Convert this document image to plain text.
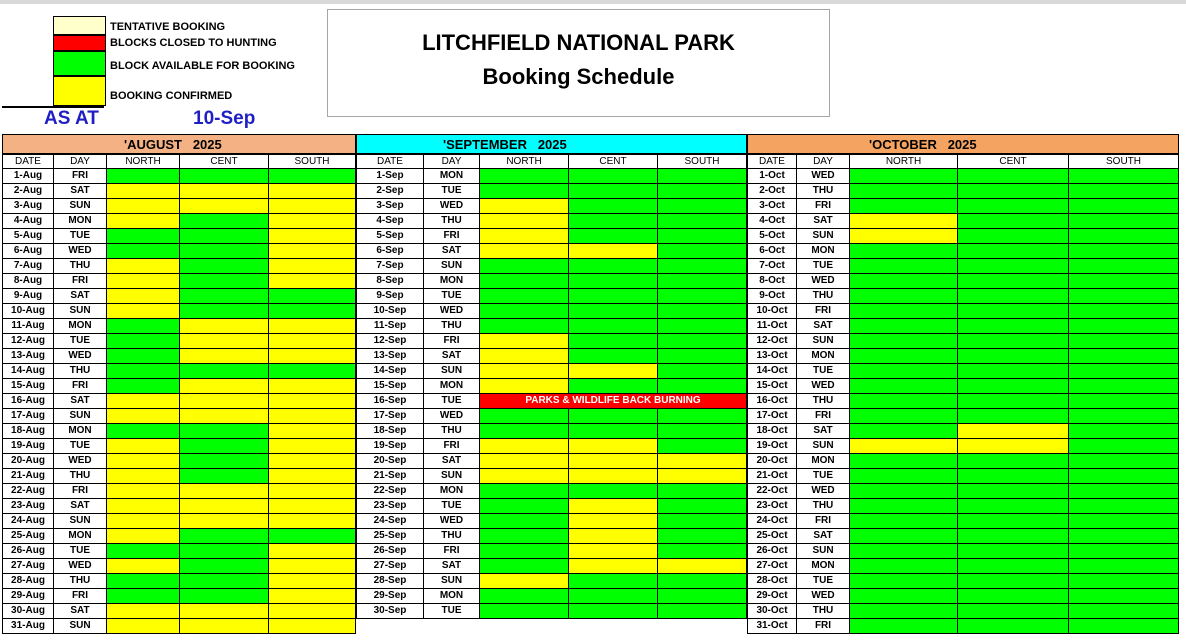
TENTATIVE BOOKING
BLOCKS CLOSED TO HUNTING
BLOCK AVAILABLE FOR BOOKING
BOOKING CONFIRMED
AS AT	10-Sep
LITCHFIELD NATIONAL PARK
Booking Schedule
'AUGUST   2025
DATE	DAY	NORTH	CENT	SOUTH
1-Aug	FRI
2-Aug	SAT
3-Aug	SUN
4-Aug	MON
5-Aug	TUE
6-Aug	WED
7-Aug	THU
8-Aug	FRI
9-Aug	SAT
10-Aug	SUN
11-Aug	MON
12-Aug	TUE
13-Aug	WED
14-Aug	THU
15-Aug	FRI
16-Aug	SAT
17-Aug	SUN
18-Aug	MON
19-Aug	TUE
20-Aug	WED
21-Aug	THU
22-Aug	FRI
23-Aug	SAT
24-Aug	SUN
25-Aug	MON
26-Aug	TUE
27-Aug	WED
28-Aug	THU
29-Aug	FRI
30-Aug	SAT
31-Aug	SUN
'SEPTEMBER   2025
DATE	DAY	NORTH	CENT	SOUTH
1-Sep	MON
2-Sep	TUE
3-Sep	WED
4-Sep	THU
5-Sep	FRI
6-Sep	SAT
7-Sep	SUN
8-Sep	MON
9-Sep	TUE
10-Sep	WED
11-Sep	THU
12-Sep	FRI
13-Sep	SAT
14-Sep	SUN
15-Sep	MON
16-Sep	TUE	PARKS & WILDLIFE BACK BURNING
17-Sep	WED
18-Sep	THU
19-Sep	FRI
20-Sep	SAT
21-Sep	SUN
22-Sep	MON
23-Sep	TUE
24-Sep	WED
25-Sep	THU
26-Sep	FRI
27-Sep	SAT
28-Sep	SUN
29-Sep	MON
30-Sep	TUE
'OCTOBER   2025
DATE	DAY	NORTH	CENT	SOUTH
1-Oct	WED
2-Oct	THU
3-Oct	FRI
4-Oct	SAT
5-Oct	SUN
6-Oct	MON
7-Oct	TUE
8-Oct	WED
9-Oct	THU
10-Oct	FRI
11-Oct	SAT
12-Oct	SUN
13-Oct	MON
14-Oct	TUE
15-Oct	WED
16-Oct	THU
17-Oct	FRI
18-Oct	SAT
19-Oct	SUN
20-Oct	MON
21-Oct	TUE
22-Oct	WED
23-Oct	THU
24-Oct	FRI
25-Oct	SAT
26-Oct	SUN
27-Oct	MON
28-Oct	TUE
29-Oct	WED
30-Oct	THU
31-Oct	FRI
